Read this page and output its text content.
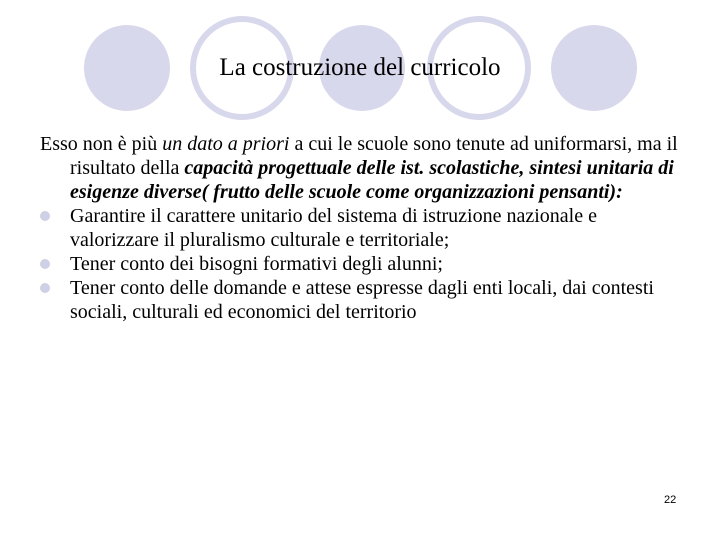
La costruzione del curricolo

Esso non è più un dato a priori a cui le scuole sono tenute ad uniformarsi, ma il risultato della capacità progettuale delle ist. scolastiche, sintesi unitaria di esigenze diverse( frutto delle scuole come organizzazioni pensanti):

Garantire il carattere unitario del sistema di istruzione nazionale e valorizzare il pluralismo culturale e territoriale;

Tener conto dei bisogni formativi degli alunni;

Tener conto delle domande e attese espresse dagli enti locali, dai contesti sociali, culturali ed economici del territorio

22
